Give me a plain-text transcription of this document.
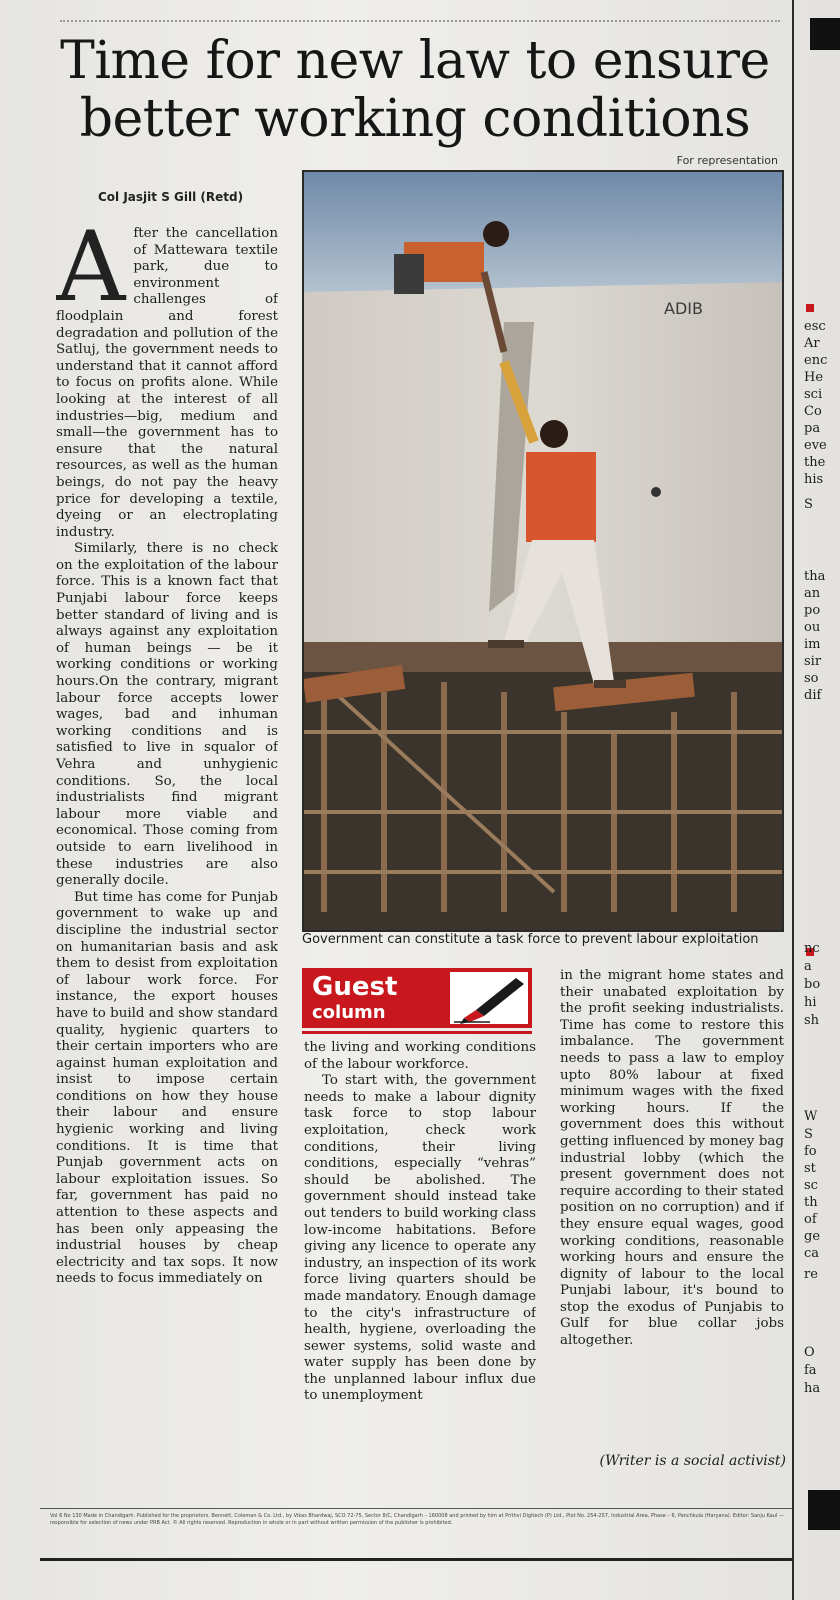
Time for new law to ensure better working conditions
For representation
Col Jasjit S Gill (Retd)

After the cancellation of Mattewara textile park, due to environment challenges of floodplain and forest degradation and pollution of the Satluj, the government needs to understand that it cannot afford to focus on profits alone. While looking at the interest of all industries—big, medium and small—the government has to ensure that the natural resources, as well as the human beings, do not pay the heavy price for developing a textile, dyeing or an electroplating industry.

Similarly, there is no check on the exploitation of the labour force. This is a known fact that Punjabi labour force keeps better standard of living and is always against any exploitation of human beings — be it working conditions or working hours.On the contrary, migrant labour force accepts lower wages, bad and inhuman working conditions and is satisfied to live in squalor of Vehra and unhygienic conditions. So, the local industrialists find migrant labour more viable and economical. Those coming from outside to earn livelihood in these industries are also generally docile.

But time has come for Punjab government to wake up and discipline the industrial sector on humanitarian basis and ask them to desist from exploitation of labour work force. For instance, the export houses have to build and show standard quality, hygienic quarters to their certain importers who are against human exploitation and insist to impose certain conditions on how they house their labour and ensure hygienic working and living conditions. It is time that Punjab government acts on labour exploitation issues. So far, government has paid no attention to these aspects and has been only appeasing the industrial houses by cheap electricity and tax sops. It now needs to focus immediately on

ADIB
Government can constitute a task force to prevent labour exploitation
Guest
column

the living and working conditions of the labour workforce.

To start with, the government needs to make a labour dignity task force to stop labour exploitation, check work conditions, their living conditions, especially “vehras” should be abolished. The government should instead take out tenders to build working class low-income habitations. Before giving any licence to operate any industry, an inspection of its work force living quarters should be made mandatory. Enough damage to the city's infrastructure of health, hygiene, overloading the sewer systems, solid waste and water supply has been done by the unplanned labour influx due to unemployment

in the migrant home states and their unabated exploitation by the profit seeking industrialists. Time has come to restore this imbalance. The government needs to pass a law to employ upto 80% labour at fixed minimum wages with the fixed working hours. If the government does this without getting influenced by money bag industrial lobby (which the present government does not require according to their stated position on no corruption) and if they ensure equal wages, good working conditions, reasonable working hours and ensure the dignity of labour to the local Punjabi labour, it's bound to stop the exodus of Punjabis to Gulf for blue collar jobs altogether.

(Writer is a social activist)
Vol 6 No 130 Made in Chandigarh. Published for the proprietors, Bennett, Coleman & Co. Ltd., by Vikas Bhardwaj, SCO 72-75, Sector 8/C, Chandigarh – 160008 and printed by him at Prithvi Digitech (P) Ltd., Plot No. 254-257, Industrial Area, Phase – 6, Panchkula (Haryana). Editor: Sanju Kaul — responsible for selection of news under PRB Act. © All rights reserved. Reproduction in whole or in part without written permission of the publisher is prohibited.
esc
Ar
enc
He
sci
Co
pa
eve
the
his
S
tha
an
po
ou
im
sir
so
dif
nc
a
bo
hi
sh
W
S
fo
st
sc
th
of
ge
ca
re
O
fa
ha
